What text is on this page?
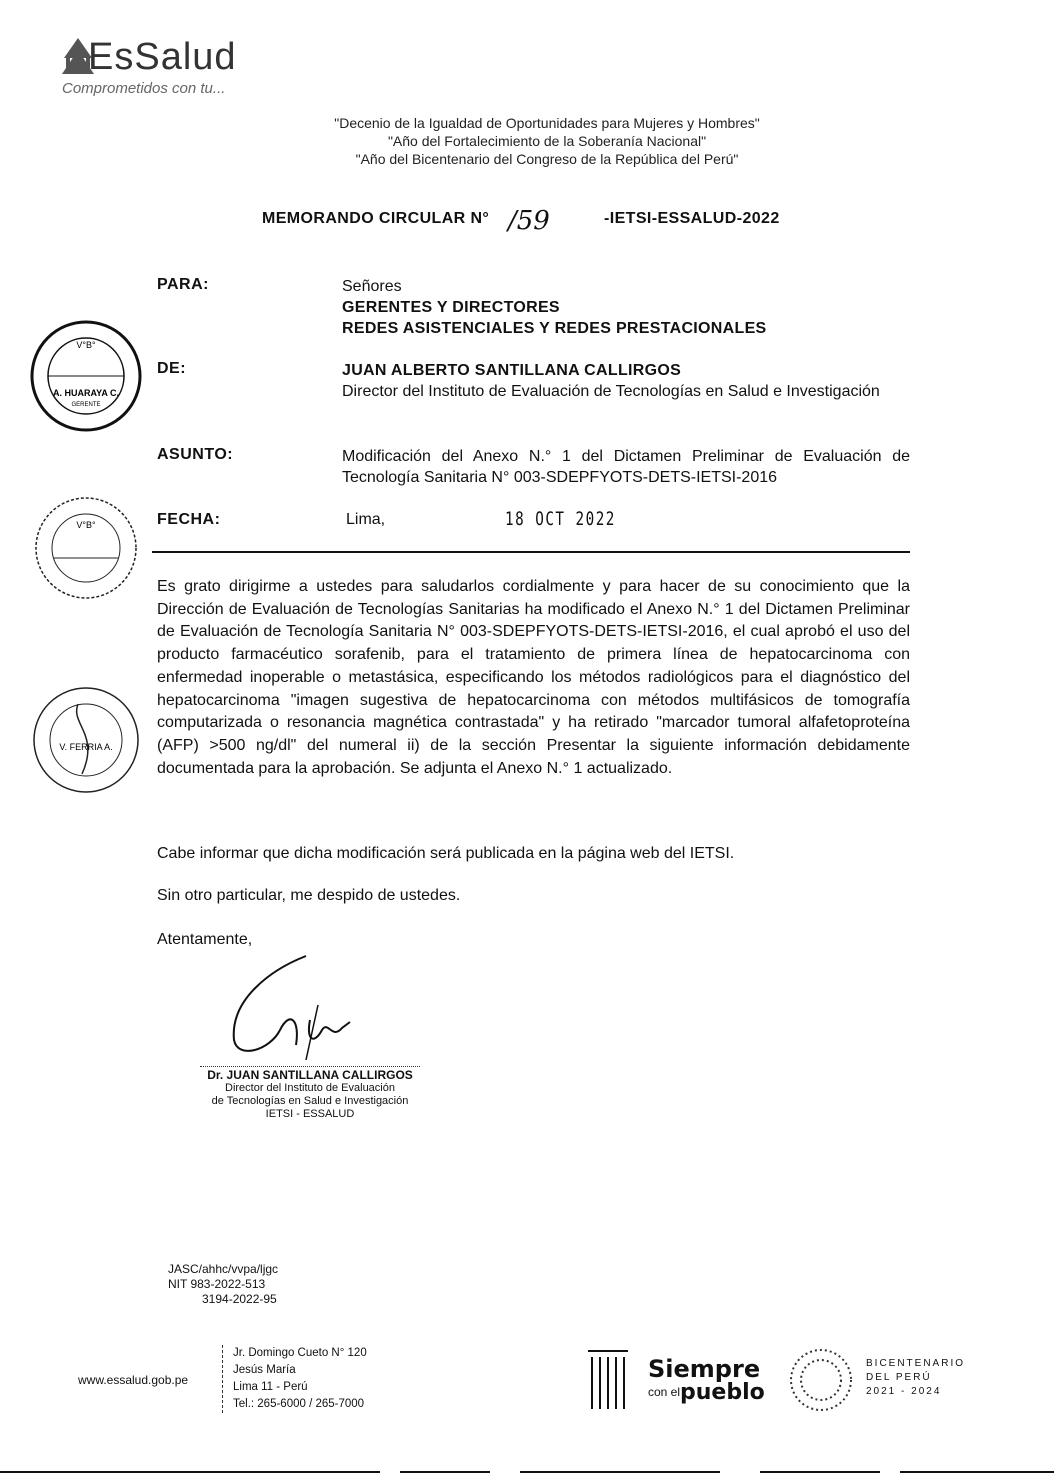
EsSalud
Comprometidos con tu...
"Decenio de la Igualdad de Oportunidades para Mujeres y Hombres"
"Año del Fortalecimiento de la Soberanía Nacional"
"Año del Bicentenario del Congreso de la República del Perú"
MEMORANDO CIRCULAR N° /59	-IETSI-ESSALUD-2022
PARA:	Señores
GERENTES Y DIRECTORES
REDES ASISTENCIALES Y REDES PRESTACIONALES
DE:	JUAN ALBERTO SANTILLANA CALLIRGOS
Director del Instituto de Evaluación de Tecnologías en Salud e Investigación
ASUNTO:	Modificación del Anexo N.° 1 del Dictamen Preliminar de Evaluación de Tecnología Sanitaria N° 003-SDEPFYOTS-DETS-IETSI-2016
FECHA:	Lima,	18 OCT 2022
V°B°
A. HUARAYA C.
GERENTE
V°B°
V. FERRIA A.
Es grato dirigirme a ustedes para saludarlos cordialmente y para hacer de su conocimiento que la Dirección de Evaluación de Tecnologías Sanitarias ha modificado el Anexo N.° 1 del Dictamen Preliminar de Evaluación de Tecnología Sanitaria N° 003-SDEPFYOTS-DETS-IETSI-2016, el cual aprobó el uso del producto farmacéutico sorafenib, para el tratamiento de primera línea de hepatocarcinoma con enfermedad inoperable o metastásica, especificando los métodos radiológicos para el diagnóstico del hepatocarcinoma "imagen sugestiva de hepatocarcinoma con métodos multifásicos de tomografía computarizada o resonancia magnética contrastada" y ha retirado "marcador tumoral alfafetoproteína (AFP) >500 ng/dl" del numeral ii) de la sección Presentar la siguiente información debidamente documentada para la aprobación. Se adjunta el Anexo N.° 1 actualizado.
Cabe informar que dicha modificación será publicada en la página web del IETSI.
Sin otro particular, me despido de ustedes.
Atentamente,
Dr. JUAN SANTILLANA CALLIRGOS
Director del Instituto de Evaluación
de Tecnologías en Salud e Investigación
IETSI - ESSALUD
JASC/ahhc/vvpa/ljgc
NIT 983-2022-513
3194-2022-95
www.essalud.gob.pe
Jr. Domingo Cueto N° 120
Jesús María
Lima 11 - Perú
Tel.: 265-6000 / 265-7000
Siempre
con el pueblo
BICENTENARIO
DEL PERÚ
2021 - 2024
